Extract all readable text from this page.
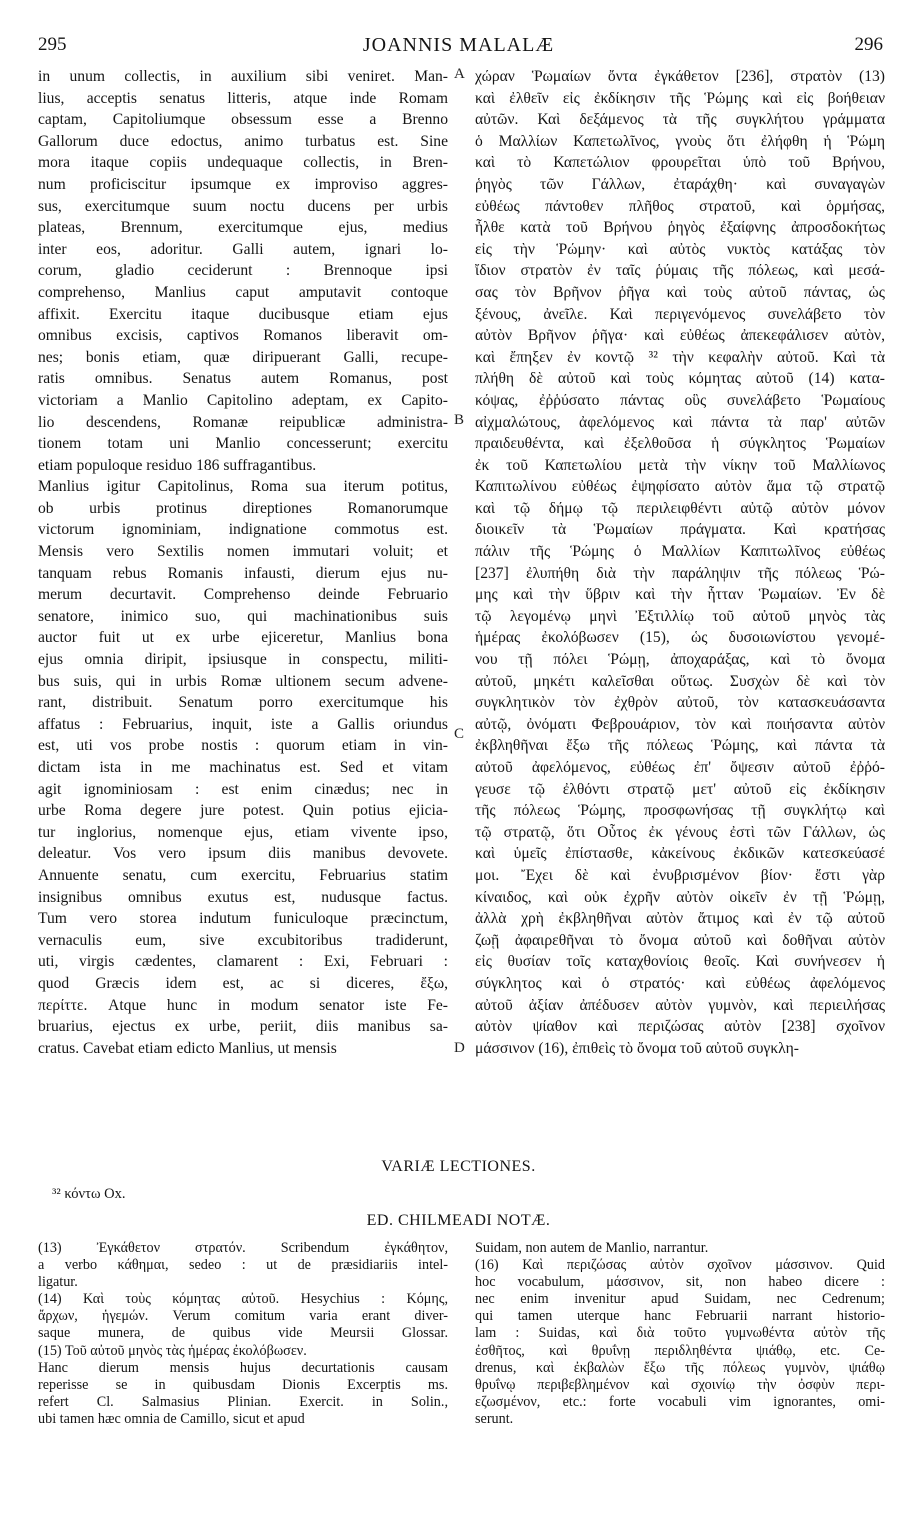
295	JOANNIS MALALÆ	296
in unum collectis, in auxilium sibi veniret. Man-
lius, acceptis senatus litteris, atque inde Romam
captam, Capitoliumque obsessum esse a Brenno
Gallorum duce edoctus, animo turbatus est. Sine
mora itaque copiis undequaque collectis, in Bren-
num proficiscitur ipsumque ex improviso aggres-
sus, exercitumque suum noctu ducens per urbis
plateas, Brennum, exercitumque ejus, medius
inter eos, adoritur. Galli autem, ignari lo-
corum, gladio ceciderunt : Brennoque ipsi
comprehenso, Manlius caput amputavit contoque
affixit. Exercitu itaque ducibusque etiam ejus
omnibus excisis, captivos Romanos liberavit om-
nes; bonis etiam, quæ diripuerant Galli, recupe-
ratis omnibus. Senatus autem Romanus, post
victoriam a Manlio Capitolino adeptam, ex Capito-
lio descendens, Romanæ reipublicæ administra-
tionem totam uni Manlio concesserunt; exercitu
etiam populoque residuo 186 suffragantibus.
Manlius igitur Capitolinus, Roma sua iterum potitus,
ob urbis protinus direptiones Romanorumque
victorum ignominiam, indignatione commotus est.
Mensis vero Sextilis nomen immutari voluit; et
tanquam rebus Romanis infausti, dierum ejus nu-
merum decurtavit. Comprehenso deinde Februario
senatore, inimico suo, qui machinationibus suis
auctor fuit ut ex urbe ejiceretur, Manlius bona
ejus omnia diripit, ipsiusque in conspectu, militi-
bus suis, qui in urbis Romæ ultionem secum advene-
rant, distribuit. Senatum porro exercitumque his
affatus : Februarius, inquit, iste a Gallis oriundus
est, uti vos probe nostis : quorum etiam in vin-
dictam ista in me machinatus est. Sed et vitam
agit ignominiosam : est enim cinædus; nec in
urbe Roma degere jure potest. Quin potius ejicia-
tur inglorius, nomenque ejus, etiam vivente ipso,
deleatur. Vos vero ipsum diis manibus devovete.
Annuente senatu, cum exercitu, Februarius statim
insignibus omnibus exutus est, nudusque factus.
Tum vero storea indutum funiculoque præcinctum,
vernaculis eum, sive excubitoribus tradiderunt,
uti, virgis cædentes, clamarent : Exi, Februari :
quod Græcis idem est, ac si diceres, ἔξω,
περίττε. Atque hunc in modum senator iste Fe-
bruarius, ejectus ex urbe, periit, diis manibus sa-
cratus. Cavebat etiam edicto Manlius, ut mensis
χώραν Ῥωμαίων ὄντα ἐγκάθετον [236], στρατὸν (13)
καὶ ἐλθεῖν εἰς ἐκδίκησιν τῆς Ῥώμης καὶ εἰς βοήθειαν
αὐτῶν. Καὶ δεξάμενος τὰ τῆς συγκλήτου γράμματα
ὁ Μαλλίων Καπετωλῖνος, γνοὺς ὅτι ἐλήφθη ἡ Ῥώμη
καὶ τὸ Καπετώλιον φρουρεῖται ὑπὸ τοῦ Βρήνου,
ῥηγὸς τῶν Γάλλων, ἐταράχθη· καὶ συναγαγὼν
εὐθέως πάντοθεν πλῆθος στρατοῦ, καὶ ὁρμήσας,
ἦλθε κατὰ τοῦ Βρήνου ῥηγὸς ἐξαίφνης ἀπροσδοκήτως
εἰς τὴν Ῥώμην· καὶ αὐτὸς νυκτὸς κατάξας τὸν
ἴδιον στρατὸν ἐν ταῖς ῥύμαις τῆς πόλεως, καὶ μεσά-
σας τὸν Βρῆνον ῥῆγα καὶ τοὺς αὐτοῦ πάντας, ὡς
ξένους, ἀνεῖλε. Καὶ περιγενόμενος συνελάβετο τὸν
αὐτὸν Βρῆνον ῥῆγα· καὶ εὐθέως ἀπεκεφάλισεν αὐτὸν,
καὶ ἔπηξεν ἐν κοντῷ ³² τὴν κεφαλὴν αὐτοῦ. Καὶ τὰ
πλήθη δὲ αὐτοῦ καὶ τοὺς κόμητας αὐτοῦ (14) κατα-
κόψας, ἐῤῥύσατο πάντας οὓς συνελάβετο Ῥωμαίους
αἰχμαλώτους, ἀφελόμενος καὶ πάντα τὰ παρ' αὐτῶν
πραιδευθέντα, καὶ ἐξελθοῦσα ἡ σύγκλητος Ῥωμαίων
ἐκ τοῦ Καπετωλίου μετὰ τὴν νίκην τοῦ Μαλλίωνος
Καπιτωλίνου εὐθέως ἐψηφίσατο αὐτὸν ἅμα τῷ στρατῷ
καὶ τῷ δήμῳ τῷ περιλειφθέντι αὐτῷ αὐτὸν μόνον
διοικεῖν τὰ Ῥωμαίων πράγματα. Καὶ κρατήσας
πάλιν τῆς Ῥώμης ὁ Μαλλίων Καπιτωλῖνος εὐθέως
[237] ἐλυπήθη διὰ τὴν παράληψιν τῆς πόλεως Ῥώ-
μης καὶ τὴν ὕβριν καὶ τὴν ἧτταν Ῥωμαίων. Ἐν δὲ
τῷ λεγομένῳ μηνὶ Ἐξτιλλίῳ τοῦ αὐτοῦ μηνὸς τὰς
ἡμέρας ἐκολόβωσεν (15), ὡς δυσοιωνίστου γενομέ-
νου τῇ πόλει Ῥώμῃ, ἀποχαράξας, καὶ τὸ ὄνομα
αὐτοῦ, μηκέτι καλεῖσθαι οὕτως. Συσχὼν δὲ καὶ τὸν
συγκλητικὸν τὸν ἐχθρὸν αὐτοῦ, τὸν κατασκευάσαντα
αὐτῷ, ὀνόματι Φεβρουάριον, τὸν καὶ ποιήσαντα αὐτὸν
ἐκβληθῆναι ἔξω τῆς πόλεως Ῥώμης, καὶ πάντα τὰ
αὐτοῦ ἀφελόμενος, εὐθέως ἐπ' ὄψεσιν αὐτοῦ ἐῤῥό-
γευσε τῷ ἐλθόντι στρατῷ μετ' αὐτοῦ εἰς ἐκδίκησιν
τῆς πόλεως Ῥώμης, προσφωνήσας τῇ συγκλήτῳ καὶ
τῷ στρατῷ, ὅτι Οὗτος ἐκ γένους ἐστὶ τῶν Γάλλων, ὡς
καὶ ὑμεῖς ἐπίστασθε, κἀκείνους ἐκδικῶν κατεσκεύασέ
μοι. Ἔχει δὲ καὶ ἐνυβρισμένον βίον· ἔστι γὰρ
κίναιδος, καὶ οὐκ ἐχρῆν αὐτὸν οἰκεῖν ἐν τῇ Ῥώμῃ,
ἀλλὰ χρὴ ἐκβληθῆναι αὐτὸν ἄτιμος καὶ ἐν τῷ αὐτοῦ
ζωῇ ἀφαιρεθῆναι τὸ ὄνομα αὐτοῦ καὶ δοθῆναι αὐτὸν
εἰς θυσίαν τοῖς καταχθονίοις θεοῖς. Καὶ συνήνεσεν ἡ
σύγκλητος καὶ ὁ στρατός· καὶ εὐθέως ἀφελόμενος
αὐτοῦ ἀξίαν ἀπέδυσεν αὐτὸν γυμνὸν, καὶ περιειλήσας
αὐτὸν ψίαθον καὶ περιζώσας αὐτὸν [238] σχοῖνον
μάσσινον (16), ἐπιθεὶς τὸ ὄνομα τοῦ αὐτοῦ συγκλη-
A
B
C
D
VARIÆ LECTIONES.
³² κόντω Ox.
ED. CHILMEADI NOTÆ.
(13) Ἐγκάθετον στρατόν. Scribendum ἐγκάθητον,
a verbo κάθημαι, sedeo : ut de præsidiariis intel-
ligatur.
(14) Καὶ τοὺς κόμητας αὐτοῦ. Hesychius : Κόμης,
ἄρχων, ἡγεμών. Verum comitum varia erant diver-
saque munera, de quibus vide Meursii Glossar.
(15) Τοῦ αὐτοῦ μηνὸς τὰς ἡμέρας ἐκολόβωσεν.
Hanc dierum mensis hujus decurtationis causam
reperisse se in quibusdam Dionis Excerptis ms.
refert Cl. Salmasius Plinian. Exercit. in Solin.,
ubi tamen hæc omnia de Camillo, sicut et apud
Suidam, non autem de Manlio, narrantur.
(16) Καὶ περιζώσας αὐτὸν σχοῖνον μάσσινον. Quid
hoc vocabulum, μάσσινον, sit, non habeo dicere :
nec enim invenitur apud Suidam, nec Cedrenum;
qui tamen uterque hanc Februarii narrant historio-
lam : Suidas, καὶ διὰ τοῦτο γυμνωθέντα αὐτὸν τῆς
ἐσθῆτος, καὶ θρυΐνῃ περιδληθέντα ψιάθῳ, etc. Ce-
drenus, καὶ ἐκβαλὼν ἔξω τῆς πόλεως γυμνὸν, ψιάθῳ
θρυΐνῳ περιβεβλημένον καὶ σχοινίῳ τὴν ὀσφὺν περι-
εζωσμένον, etc.: forte vocabuli vim ignorantes, omi-
serunt.
